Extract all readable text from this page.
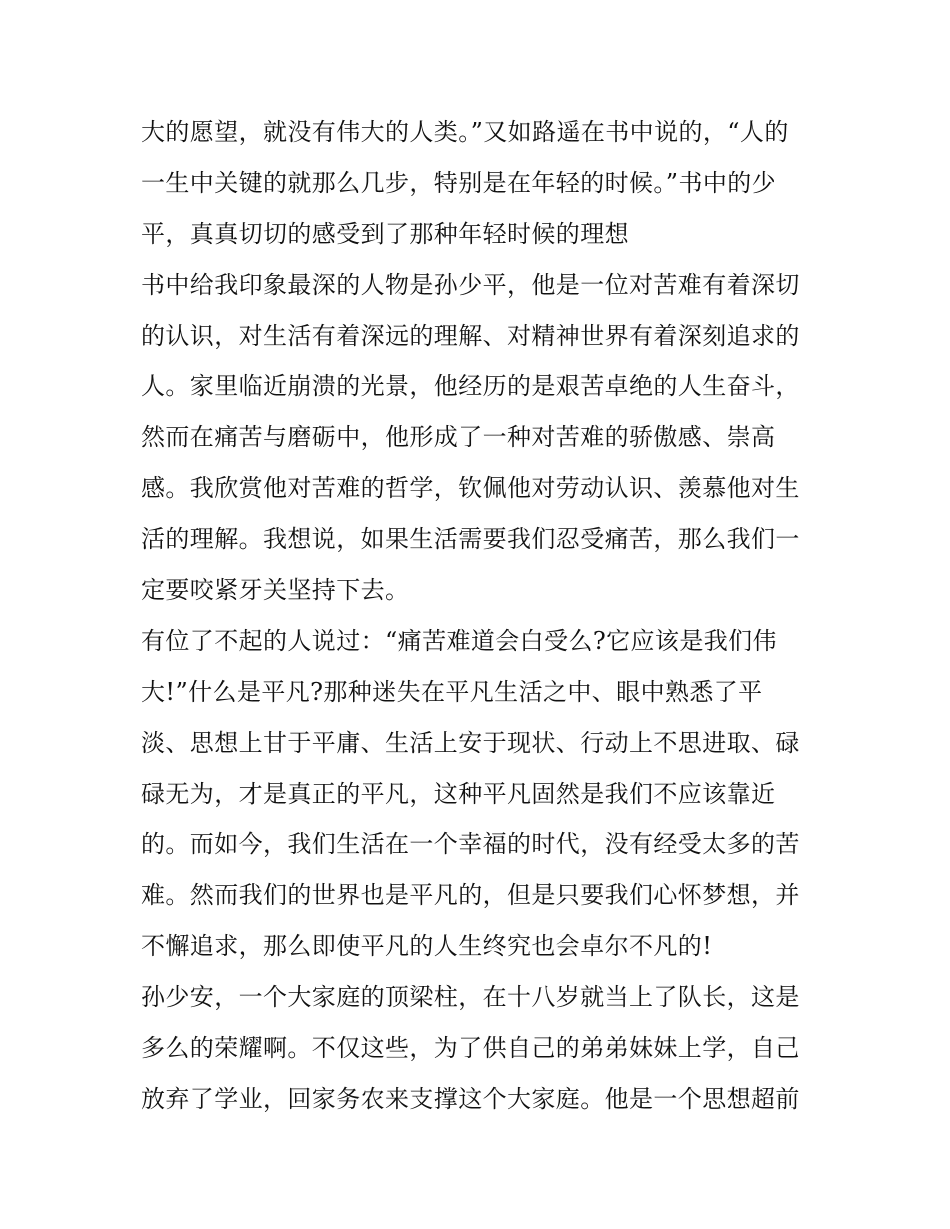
大的愿望，就没有伟大的人类。”又如路遥在书中说的，“人的
一生中关键的就那么几步，特别是在年轻的时候。”书中的少
平，真真切切的感受到了那种年轻时候的理想
书中给我印象最深的人物是孙少平，他是一位对苦难有着深切
的认识，对生活有着深远的理解、对精神世界有着深刻追求的
人。家里临近崩溃的光景，他经历的是艰苦卓绝的人生奋斗，
然而在痛苦与磨砺中，他形成了一种对苦难的骄傲感、崇高
感。我欣赏他对苦难的哲学，钦佩他对劳动认识、羡慕他对生
活的理解。我想说，如果生活需要我们忍受痛苦，那么我们一
定要咬紧牙关坚持下去。
有位了不起的人说过：“痛苦难道会白受么?它应该是我们伟
大!”什么是平凡?那种迷失在平凡生活之中、眼中熟悉了平
淡、思想上甘于平庸、生活上安于现状、行动上不思进取、碌
碌无为，才是真正的平凡，这种平凡固然是我们不应该靠近
的。而如今，我们生活在一个幸福的时代，没有经受太多的苦
难。然而我们的世界也是平凡的，但是只要我们心怀梦想，并
不懈追求，那么即使平凡的人生终究也会卓尔不凡的!
孙少安，一个大家庭的顶梁柱，在十八岁就当上了队长，这是
多么的荣耀啊。不仅这些，为了供自己的弟弟妹妹上学，自己
放弃了学业，回家务农来支撑这个大家庭。他是一个思想超前
